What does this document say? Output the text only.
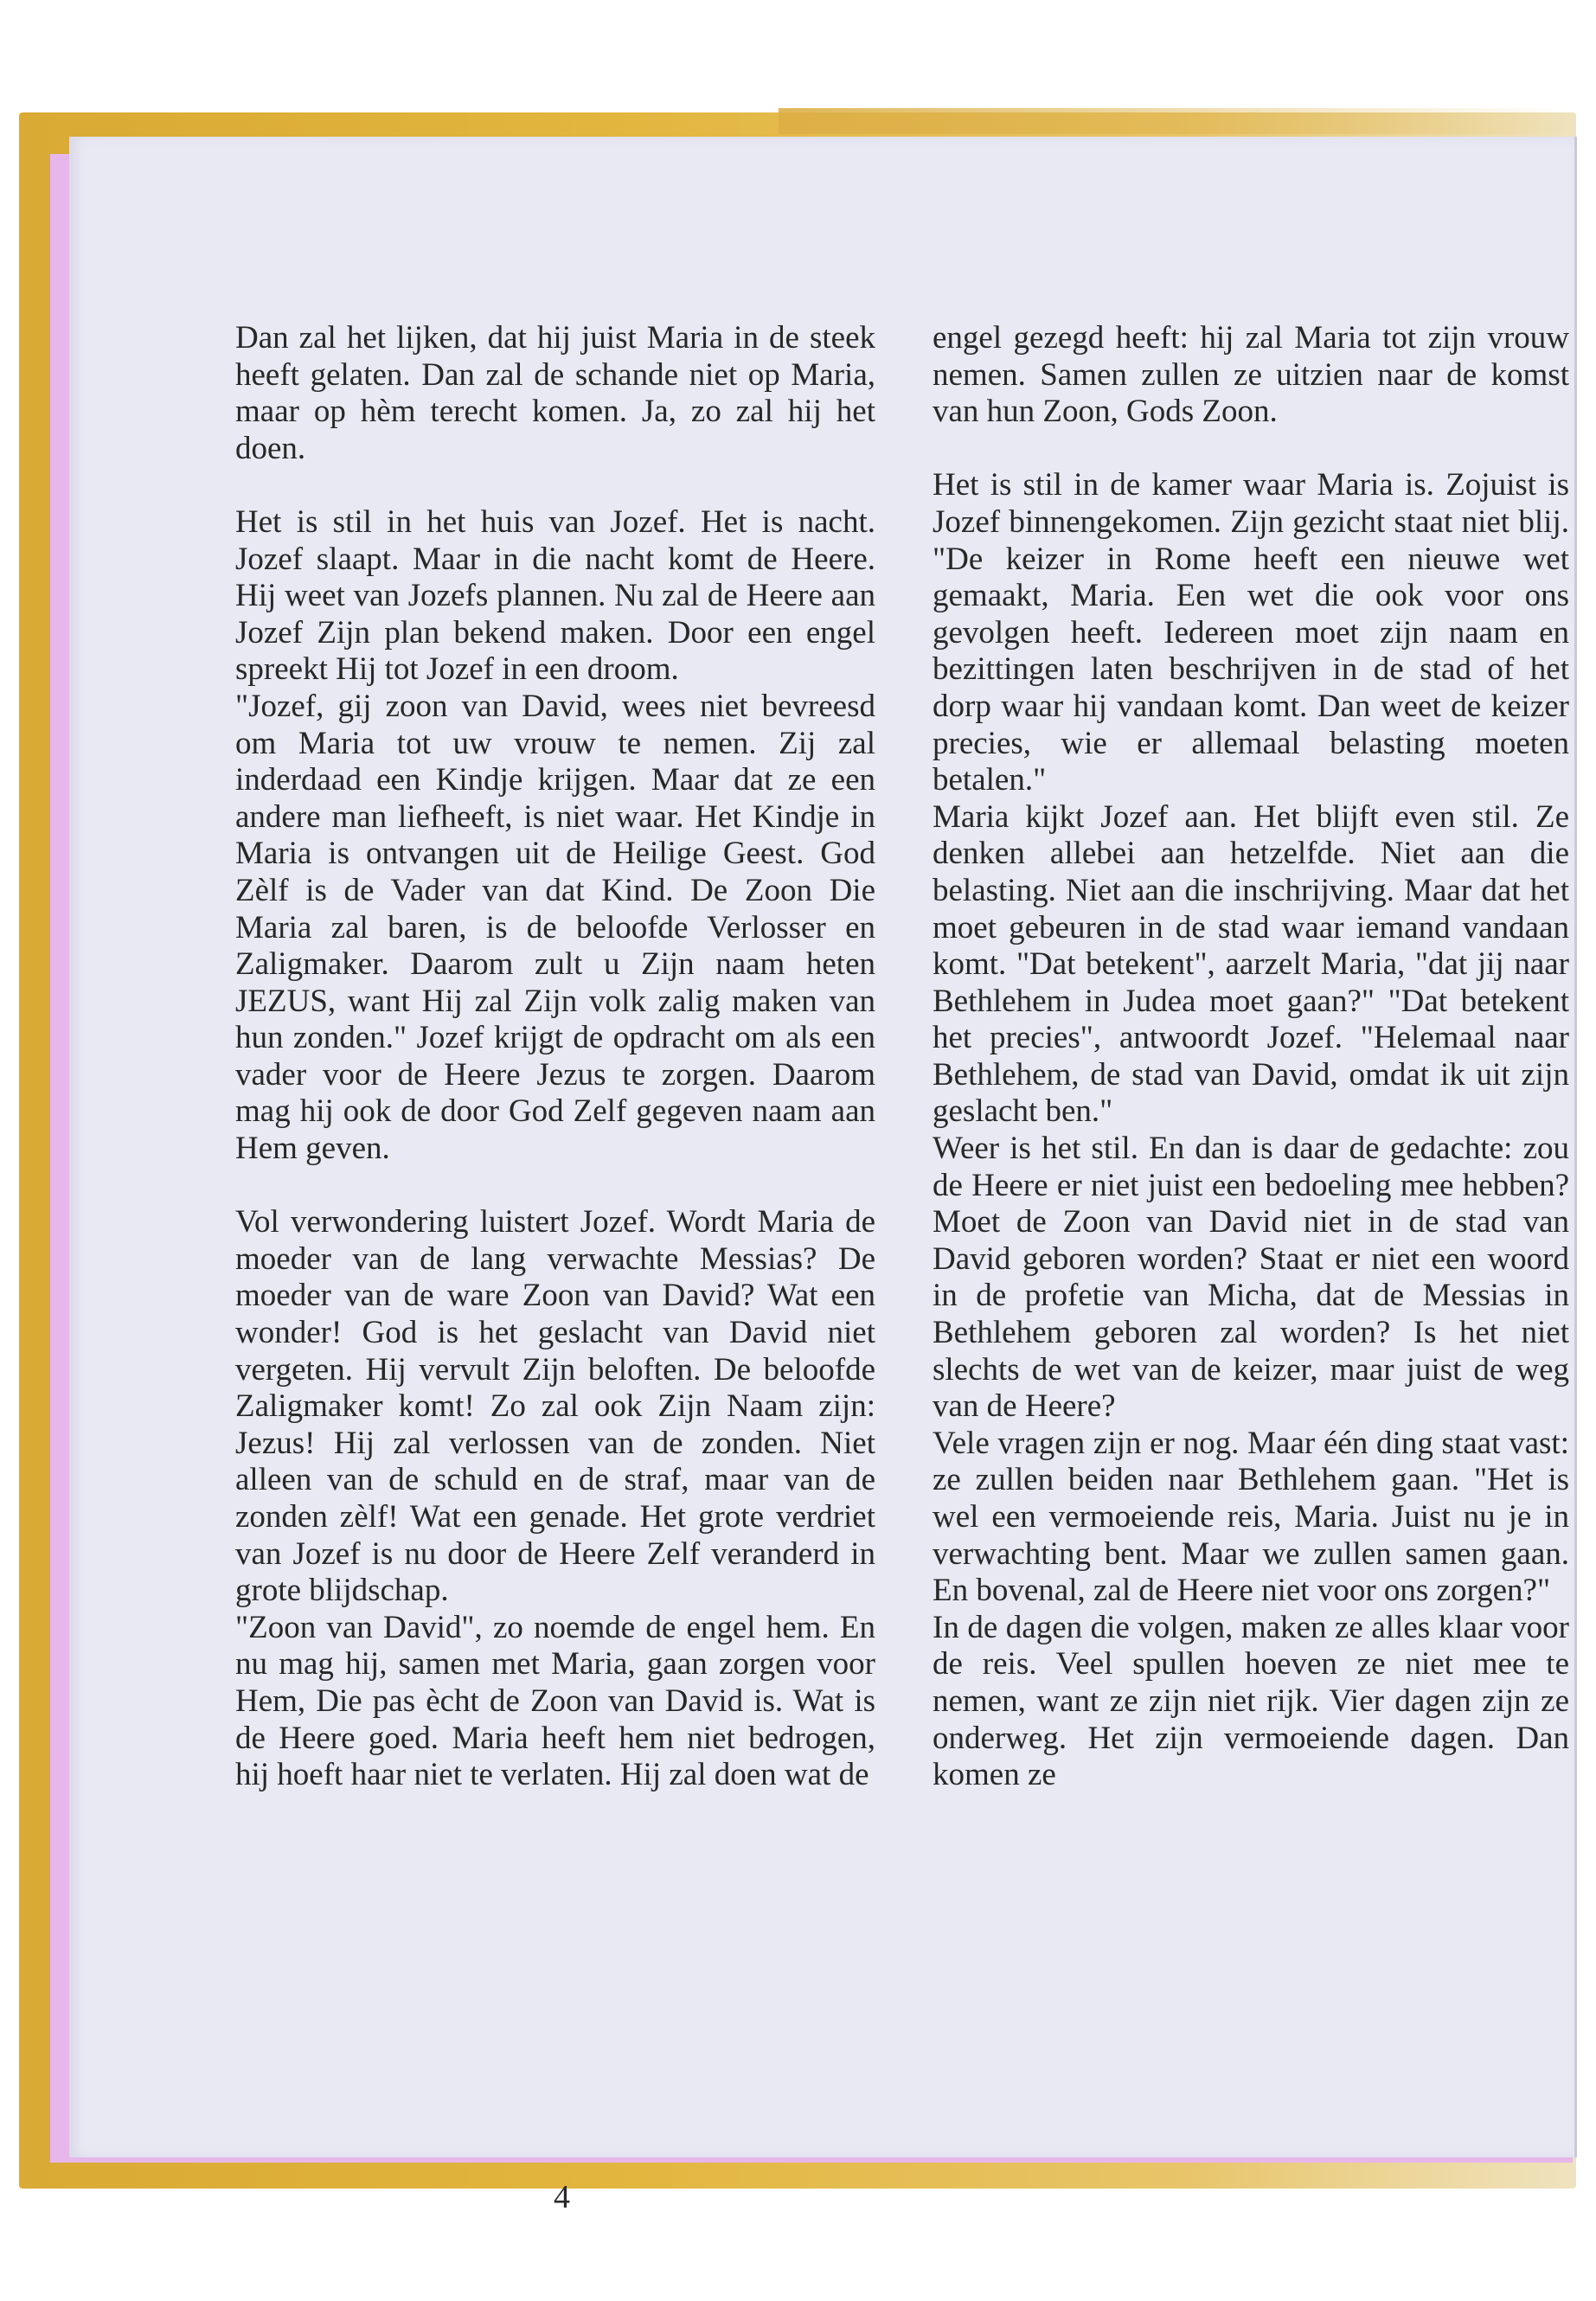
Dan zal het lijken, dat hij juist Maria in de steek heeft gelaten. Dan zal de schande niet op Maria, maar op hèm terecht komen. Ja, zo zal hij het doen.

Het is stil in het huis van Jozef. Het is nacht. Jozef slaapt. Maar in die nacht komt de Heere. Hij weet van Jozefs plannen. Nu zal de Heere aan Jozef Zijn plan bekend maken. Door een engel spreekt Hij tot Jozef in een droom.

"Jozef, gij zoon van David, wees niet bevreesd om Maria tot uw vrouw te nemen. Zij zal inderdaad een Kindje krijgen. Maar dat ze een andere man liefheeft, is niet waar. Het Kindje in Maria is ontvangen uit de Heilige Geest. God Zèlf is de Vader van dat Kind. De Zoon Die Maria zal baren, is de beloofde Verlosser en Zaligmaker. Daarom zult u Zijn naam heten JEZUS, want Hij zal Zijn volk zalig maken van hun zonden." Jozef krijgt de opdracht om als een vader voor de Heere Jezus te zorgen. Daarom mag hij ook de door God Zelf gegeven naam aan Hem geven.

Vol verwondering luistert Jozef. Wordt Maria de moeder van de lang verwachte Messias? De moeder van de ware Zoon van David? Wat een wonder! God is het geslacht van David niet vergeten. Hij vervult Zijn beloften. De beloofde Zaligmaker komt! Zo zal ook Zijn Naam zijn: Jezus! Hij zal verlossen van de zonden. Niet alleen van de schuld en de straf, maar van de zonden zèlf! Wat een genade. Het grote verdriet van Jozef is nu door de Heere Zelf veranderd in grote blijdschap.

"Zoon van David", zo noemde de engel hem. En nu mag hij, samen met Maria, gaan zorgen voor Hem, Die pas ècht de Zoon van David is. Wat is de Heere goed. Maria heeft hem niet bedrogen, hij hoeft haar niet te verlaten. Hij zal doen wat de

engel gezegd heeft: hij zal Maria tot zijn vrouw nemen. Samen zullen ze uitzien naar de komst van hun Zoon, Gods Zoon.

Het is stil in de kamer waar Maria is. Zojuist is Jozef binnengekomen. Zijn gezicht staat niet blij. "De keizer in Rome heeft een nieuwe wet gemaakt, Maria. Een wet die ook voor ons gevolgen heeft. Iedereen moet zijn naam en bezittingen laten beschrijven in de stad of het dorp waar hij vandaan komt. Dan weet de keizer precies, wie er allemaal belasting moeten betalen."

Maria kijkt Jozef aan. Het blijft even stil. Ze denken allebei aan hetzelfde. Niet aan die belasting. Niet aan die inschrijving. Maar dat het moet gebeuren in de stad waar iemand vandaan komt. "Dat betekent", aarzelt Maria, "dat jij naar Bethlehem in Judea moet gaan?" "Dat betekent het precies", antwoordt Jozef. "Helemaal naar Bethlehem, de stad van David, omdat ik uit zijn geslacht ben."

Weer is het stil. En dan is daar de gedachte: zou de Heere er niet juist een bedoeling mee hebben? Moet de Zoon van David niet in de stad van David geboren worden? Staat er niet een woord in de profetie van Micha, dat de Messias in Bethlehem geboren zal worden? Is het niet slechts de wet van de keizer, maar juist de weg van de Heere?

Vele vragen zijn er nog. Maar één ding staat vast: ze zullen beiden naar Bethlehem gaan. "Het is wel een vermoeiende reis, Maria. Juist nu je in verwachting bent. Maar we zullen samen gaan. En bovenal, zal de Heere niet voor ons zorgen?"

In de dagen die volgen, maken ze alles klaar voor de reis. Veel spullen hoeven ze niet mee te nemen, want ze zijn niet rijk. Vier dagen zijn ze onderweg. Het zijn vermoeiende dagen. Dan komen ze

4
